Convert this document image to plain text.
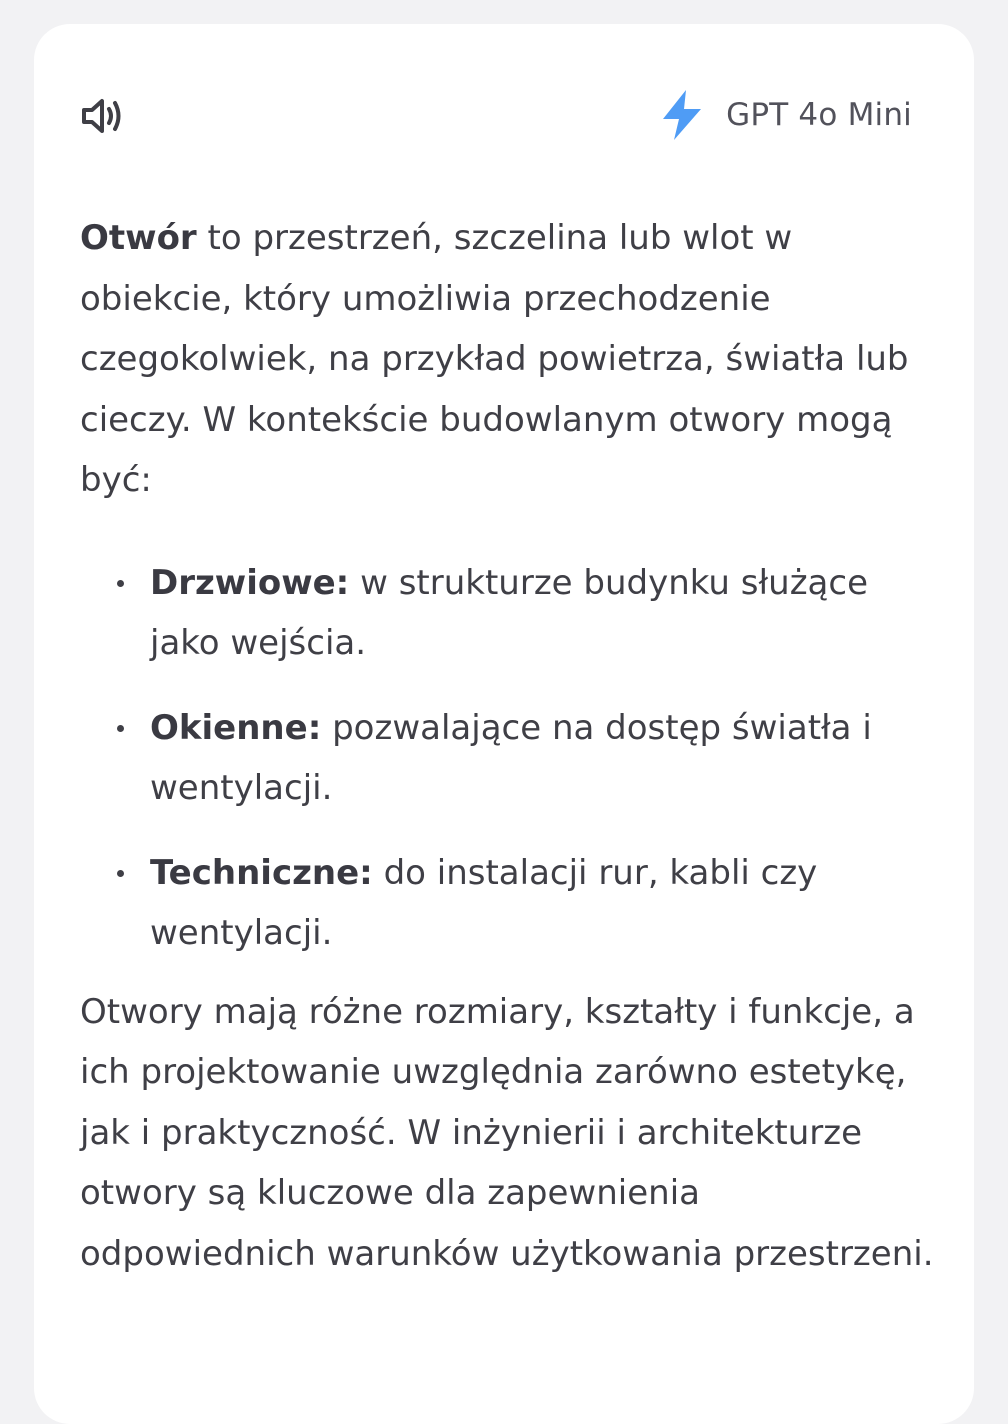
GPT 4o Mini

Otwór to przestrzeń, szczelina lub wlot w obiekcie, który umożliwia przechodzenie czegokolwiek, na przykład powietrza, światła lub cieczy. W kontekście budowlanym otwory mogą być:

Drzwiowe: w strukturze budynku służące jako wejścia.
Okienne: pozwalające na dostęp światła i wentylacji.
Techniczne: do instalacji rur, kabli czy wentylacji.

Otwory mają różne rozmiary, kształty i funkcje, a ich projektowanie uwzględnia zarówno estetykę, jak i praktyczność. W inżynierii i architekturze otwory są kluczowe dla zapewnienia odpowiednich warunków użytkowania przestrzeni.
